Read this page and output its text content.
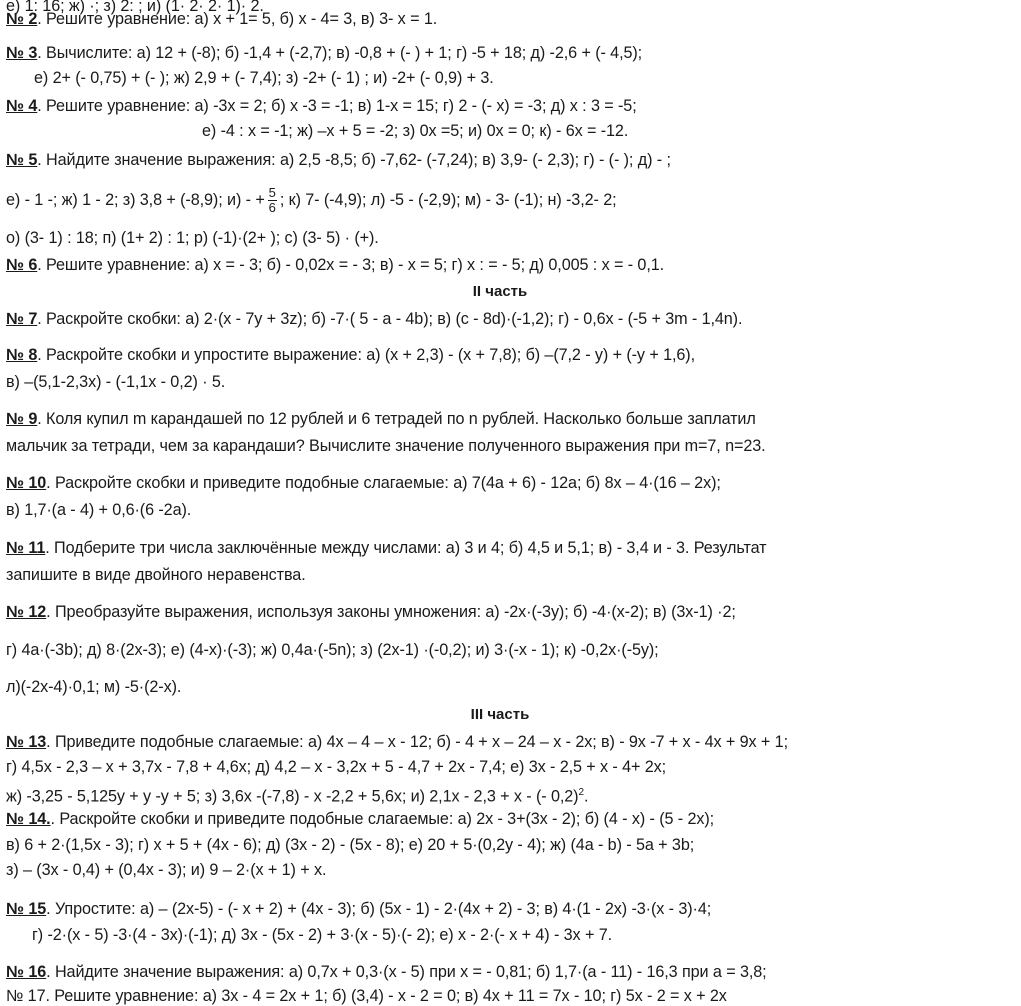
е) 1: 16; ж) ·; з) 2: ; и) (1· 2· 2· 1)· 2.
№ 2. Решите уравнение: а) х + 1= 5, б) х - 4= 3, в) 3- х = 1.
№ 3. Вычислите: а) 12 + (-8); б) -1,4 + (-2,7); в) -0,8 + (- ) + 1; г) -5 + 18; д) -2,6 + (- 4,5);
е) 2+ (- 0,75) + (- ); ж) 2,9 + (- 7,4); з) -2+ (- 1) ; и) -2+ (- 0,9) + 3.
№ 4. Решите уравнение: а) -3х = 2; б) х -3 = -1; в) 1-х = 15; г) 2 - (- х) = -3; д) х : 3 = -5;
е) -4 : х = -1; ж) –х + 5 = -2; з) 0х =5; и) 0х = 0; к) - 6х = -12.
№ 5. Найдите значение выражения: а) 2,5 -8,5; б) -7,62- (-7,24); в) 3,9- (- 2,3); г) - (- ); д) - ;
е) - 1 -; ж) 1 - 2; з) 3,8 + (-8,9); и) - + $\frac{5}{6}$ ; к) 7- (-4,9); л) -5 - (-2,9); м) - 3- (-1); н) -3,2- 2;
о) (3- 1) : 18; п) (1+ 2) : 1; р) (-1)·(2+ ); с) (3- 5) · (+).
№ 6. Решите уравнение: а) х = - 3; б) - 0,02х = - 3; в) - х = 5; г) х : = - 5; д) 0,005 : х = - 0,1.
II часть
№ 7. Раскройте скобки: а) 2·(х - 7у + 3z); б) -7·( 5 - а - 4b); в) (с - 8d)·(-1,2); г) - 0,6х - (-5 + 3m - 1,4n).
№ 8. Раскройте скобки и упростите выражение: а) (х + 2,3) - (х + 7,8); б) –(7,2 - у) + (-у + 1,6),
в) –(5,1-2,3х) - (-1,1х - 0,2) · 5.
№ 9. Коля купил m карандашей по 12 рублей и 6 тетрадей по n рублей. Насколько больше заплатил
мальчик за тетради, чем за карандаши? Вычислите значение полученного выражения при m=7, n=23.
№ 10. Раскройте скобки и приведите подобные слагаемые: а) 7(4а + 6) - 12а; б) 8х – 4·(16 – 2х);
в) 1,7·(а - 4) + 0,6·(6 -2а).
№ 11. Подберите три числа заключённые между числами: а) 3 и 4; б) 4,5 и 5,1; в) - 3,4 и - 3. Результат
запишите в виде двойного неравенства.
№ 12. Преобразуйте выражения, используя законы умножения: а) -2х·(-3у); б) -4·(х-2); в) (3х-1) ·2;
г) 4а·(-3b); д) 8·(2х-3); е) (4-х)·(-3); ж) 0,4а·(-5n); з) (2х-1) ·(-0,2); и) 3·(-х - 1); к) -0,2х·(-5у);
л)(-2х-4)·0,1; м) -5·(2-х).
III часть
№ 13. Приведите подобные слагаемые: а) 4х – 4 – х - 12; б) - 4 + х – 24 – х - 2х; в) - 9х -7 + х - 4х + 9х + 1;
г) 4,5х - 2,3 – х + 3,7х - 7,8 + 4,6х; д) 4,2 – х - 3,2х + 5 - 4,7 + 2х - 7,4; е) 3х - 2,5 + х - 4+ 2х;
ж) -3,25 - 5,125у + у -у + 5; з) 3,6х -(-7,8) - х -2,2 + 5,6х; и) 2,1х - 2,3 + х - (- 0,2)$^2$.
№ 14.. Раскройте скобки и приведите подобные слагаемые: а) 2х - 3+(3х - 2); б) (4 - х) - (5 - 2х);
в) 6 + 2·(1,5х - 3); г) х + 5 + (4х - 6); д) (3х - 2) - (5х - 8); е) 20 + 5·(0,2у - 4); ж) (4а - b) - 5а + 3b;
з) – (3х - 0,4) + (0,4х - 3); и) 9 – 2·(х + 1) + х.
№ 15. Упростите: а) – (2х-5) - (- х + 2) + (4х - 3); б) (5х - 1) - 2·(4х + 2) - 3; в) 4·(1 - 2х) -3·(х - 3)·4;
г) -2·(х - 5) -3·(4 - 3х)·(-1); д) 3х - (5х - 2) + 3·(х - 5)·(- 2); е) х - 2·(- х + 4) - 3х + 7.
№ 16. Найдите значение выражения: а) 0,7х + 0,3·(х - 5) при х = - 0,81; б) 1,7·(а - 11) - 16,3 при а = 3,8;
№ 17. Решите уравнение: а) 3х - 4 = 2х + 1; б) (3,4) - х - 2 = 0; в) 4х + 11 = 7х - 10; г) 5х - 2 = х + 2х
